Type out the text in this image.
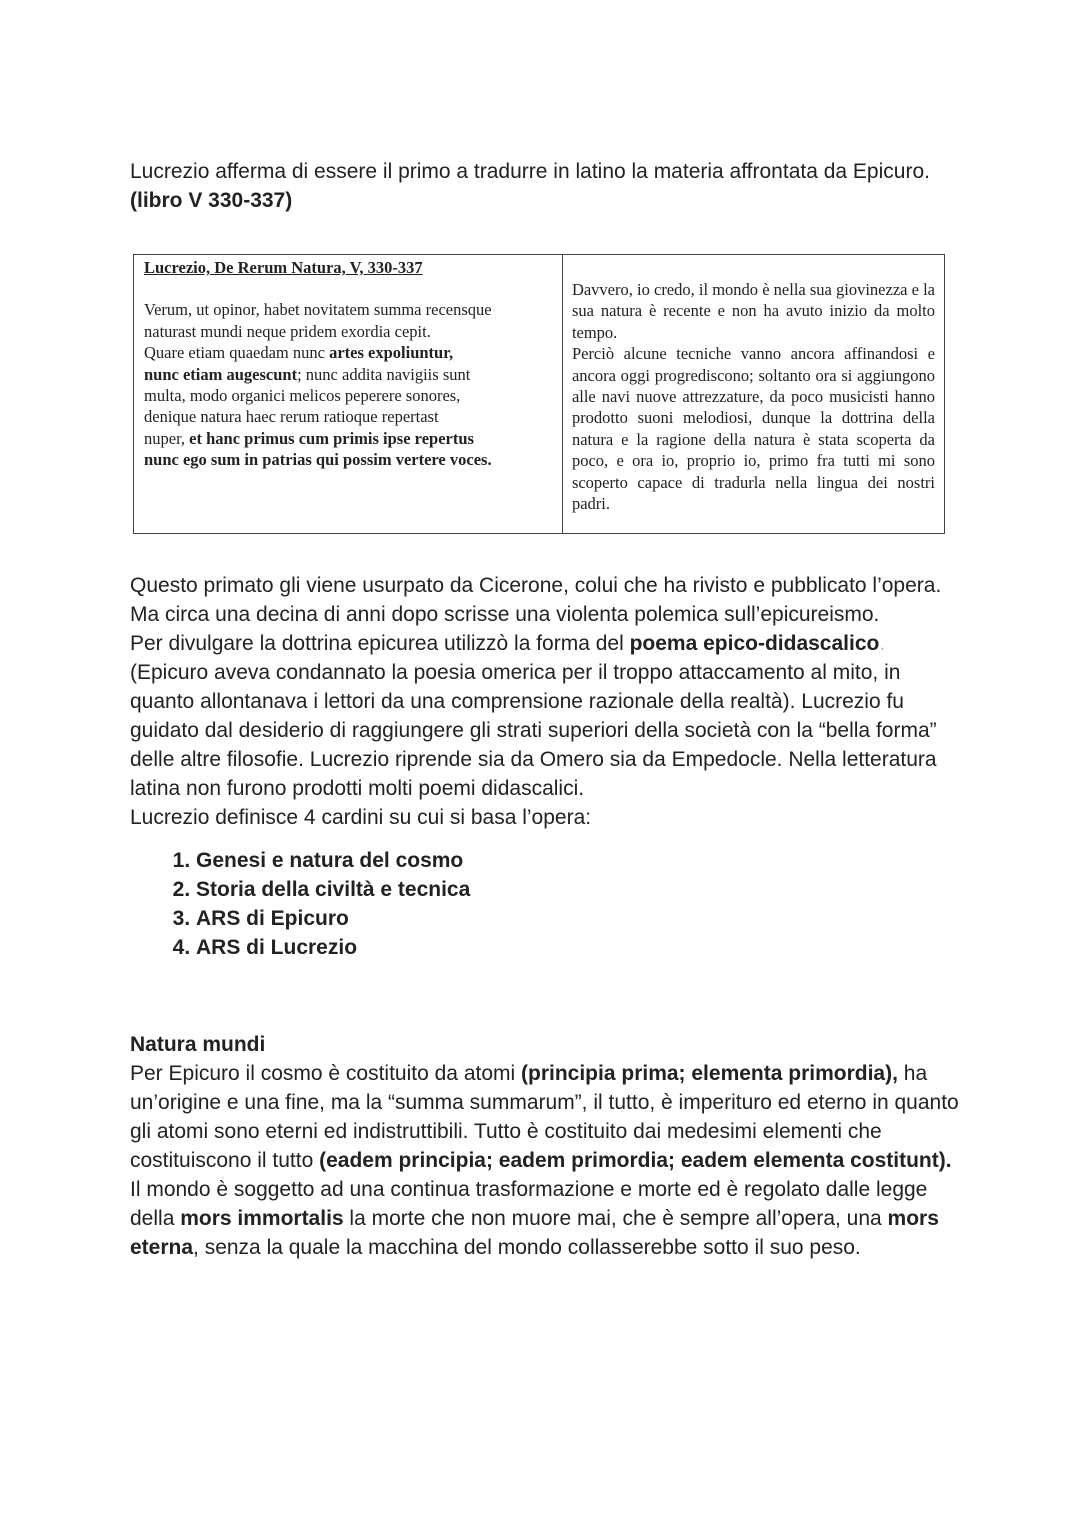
Lucrezio afferma di essere il primo a tradurre in latino la materia affrontata da Epicuro. (libro V 330-337)

Lucrezio, De Rerum Natura, V, 330-337
Verum, ut opinor, habet novitatem summa recensque
naturast mundi neque pridem exordia cepit.
Quare etiam quaedam nunc artes expoliuntur,
nunc etiam augescunt; nunc addita navigiis sunt
multa, modo organici melicos peperere sonores,
denique natura haec rerum ratioque repertast
nuper, et hanc primus cum primis ipse repertus
nunc ego sum in patrias qui possim vertere voces.
Davvero, io credo, il mondo è nella sua giovinezza e la sua natura è recente e non ha avuto inizio da molto tempo.
Perciò alcune tecniche vanno ancora affinandosi e ancora oggi progrediscono; soltanto ora si aggiungono alle navi nuove attrezzature, da poco musicisti hanno prodotto suoni melodiosi, dunque la dottrina della natura e la ragione della natura è stata scoperta da poco, e ora io, proprio io, primo fra tutti mi sono scoperto capace di tradurla nella lingua dei nostri padri.

Questo primato gli viene usurpato da Cicerone, colui che ha rivisto e pubblicato l’opera. Ma circa una decina di anni dopo scrisse una violenta polemica sull’epicureismo.

Per divulgare la dottrina epicurea utilizzò la forma del poema epico-didascalico.

(Epicuro aveva condannato la poesia omerica per il troppo attaccamento al mito, in quanto allontanava i lettori da una comprensione razionale della realtà). Lucrezio fu guidato dal desiderio di raggiungere gli strati superiori della società con la “bella forma” delle altre filosofie. Lucrezio riprende sia da Omero sia da Empedocle. Nella letteratura latina non furono prodotti molti poemi didascalici.

Lucrezio definisce 4 cardini su cui si basa l’opera:

1. Genesi e natura del cosmo
2. Storia della civiltà e tecnica
3. ARS di Epicuro
4. ARS di Lucrezio

Natura mundi

Per Epicuro il cosmo è costituito da atomi (principia prima; elementa primordia), ha un’origine e una fine, ma la “summa summarum”, il tutto, è imperituro ed eterno in quanto gli atomi sono eterni ed indistruttibili. Tutto è costituito dai medesimi elementi che costituiscono il tutto (eadem principia; eadem primordia; eadem elementa costitunt). Il mondo è soggetto ad una continua trasformazione e morte ed è regolato dalle legge della mors immortalis la morte che non muore mai, che è sempre all’opera, una mors eterna, senza la quale la macchina del mondo collasserebbe sotto il suo peso.
